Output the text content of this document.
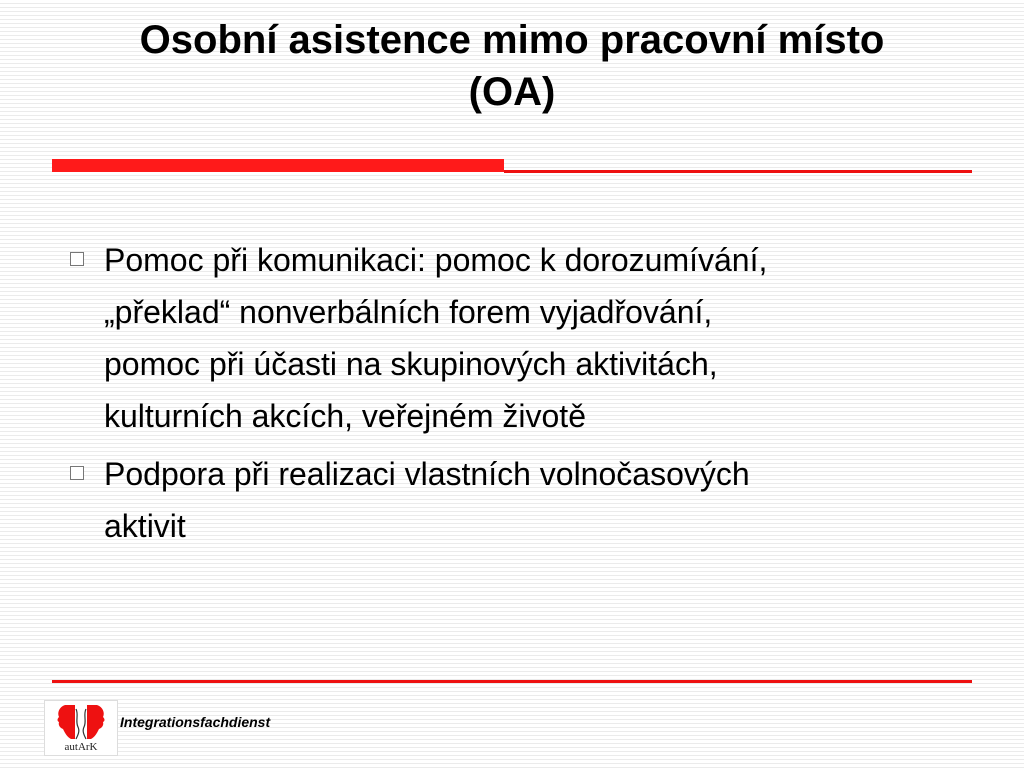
Osobní asistence mimo pracovní místo
(OA)
Pomoc při komunikaci: pomoc k dorozumívání,
„překlad“ nonverbálních forem vyjadřování,
pomoc při účasti na skupinových aktivitách,
kulturních akcích, veřejném životě
Podpora při realizaci vlastních volnočasových
aktivit
autArK
Integrationsfachdienst
